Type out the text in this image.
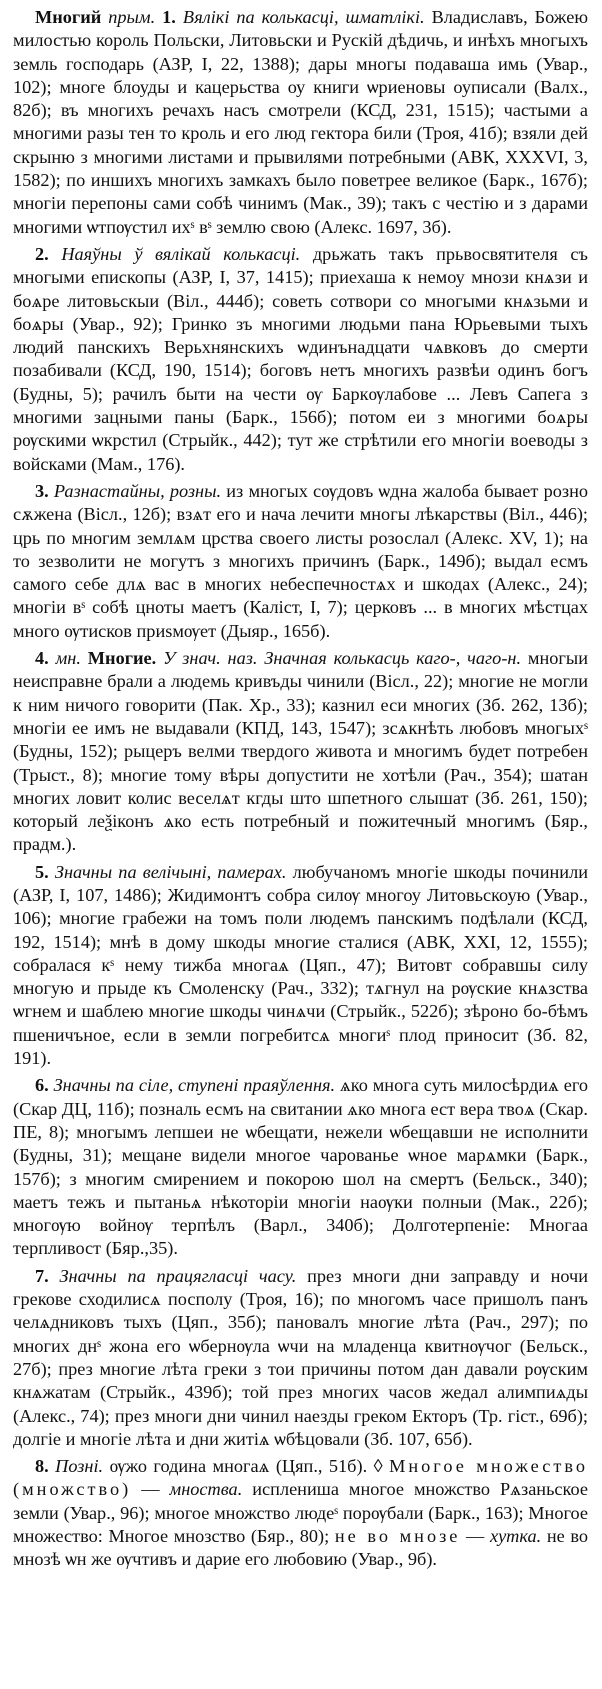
Многий прым. 1. Вялікі па колькасці, шматлікі. Владиславъ, Божею милостью король Польски, Литовьски и Рускій дѣдичь, и инѣхъ многыхъ земль господарь (АЗР, I, 22, 1388); дары многы подаваша имь (Увар., 102); многе блоуды и кацерьства оу книги ѡриеновы оуписали (Валх., 82б); въ многихъ речахъ насъ смотрели (КСД, 231, 1515); частыми а многими разы тен то кроль и его люд гектора били (Троя, 41б); взяли дей скрыню з многими листами и прывилями потребными (АВК, XXXVI, 3, 1582); по иншихъ многихъ замкахъ было поветрее великое (Барк., 167б); многіи перепоны сами собѣ чинимъ (Мак., 39); такъ с честію и з дарами многими ѡтпѹстил ихˢ вˢ землю свою (Алекс. 1697, 3б).

2. Наяўны ў вялікай колькасці. дрьжать такъ прьвосвятителя съ многыми епископы (АЗР, I, 37, 1415); приехаша к немоу мнози кнѧзи и боѧре литовьскыи (Віл., 444б); советь сотвори со многыми кнѧзьми и боѧры (Увар., 92); Гринко зъ многими людьми пана Юрьевыми тыхъ людий панскихъ Верьхнянскихъ ѡдинънадцати чѧвковъ до смерти позабивали (КСД, 190, 1514); боговъ нетъ многихъ развѣи одинъ богъ (Будны, 5); рачилъ быти на чести ѹ Баркѹлабове ... Левъ Сапега з многими зацными паны (Барк., 156б); потом еи з многими боѧры рѹскими ѡкрстил (Стрыйк., 442); тут же стрѣтили его многіи воеводы з войсками (Мам., 176).

3. Разнастайны, розны. из многых сѹдовъ ѡдна жалоба бывает розно сѫжена (Вісл., 12б); взѧт его и нача лечити многы лѣкарствы (Віл., 446); црь по многим землѧм црства своего листы розослал (Алекс. XV, 1); на то зезволити не могутъ з многихъ причинъ (Барк., 149б); выдал есмъ самого себе длѧ вас в многих небеспечностѧх и шкодах (Алекс., 24); многіи вˢ собѣ цноты маетъ (Каліст, I, 7); церковъ ... в многих мѣстцах много ѹтисков приѕмѹет (Дыяр., 165б).

4. мн. Многие. У знач. наз. Значная колькасць каго-, чаго-н. многыи неисправне брали а людемь кривъды чинили (Вісл., 22); многие не могли к ним ничого говорити (Пак. Хр., 33); казнил еси многих (Зб. 262, 13б); многіи ее имъ не выдавали (КПД, 143, 1547); зсѧкнѣть любовъ многыхˢ (Будны, 152); рыцеръ велми твердого живота и многимъ будет потребен (Трыст., 8); многие тому вѣры допустити не хотѣли (Рач., 354); шатан многих ловит колис веселѧт кгды што шпетного слышат (Зб. 261, 150); который леѯіконъ ѧко есть потребный и пожитечный многимъ (Бяр., прадм.).

5. Значны па велічыні, памерах. любучаномъ многіе шкоды починили (АЗР, I, 107, 1486); Жидимонтъ собра силѹ многоу Литовьскоую (Увар., 106); многие грабежи на томъ поли людемъ панскимъ подѣлали (КСД, 192, 1514); мнѣ в дому шкоды многие сталися (АВК, XXI, 12, 1555); собралася кˢ нему тижба многаѧ (Цяп., 47); Витовт собравшы силу многую и прыде къ Смоленску (Рач., 332); тѧгнул на рѹские кнѧзства ѡгнем и шаблею многие шкоды чинѧчи (Стрыйк., 522б); зѣроно бо-бѣмъ пшеничъное, если в земли погребитсѧ многиˢ плод приносит (Зб. 82, 191).

6. Значны па сіле, ступені праяўлення. ѧко многа суть милосѣрдиѧ его (Скар ДЦ, 11б); позналь есмъ на свитании ѧко многа ест вера твоѧ (Скар. ПЕ, 8); многымъ лепшеи не ѡбещати, нежели ѡбещавши не исполнити (Будны, 31); мещане видели многое чарованье ѡное марѧмки (Барк., 157б); з многим смирением и покорою шол на смертъ (Бельск., 340); маетъ тежъ и пытаньѧ нѣкоторіи многіи наѹки полныи (Мак., 22б); многѹю войнѹ терпѣлъ (Варл., 340б); Долготерпеніе: Многаа терпливост (Бяр.,35).

7. Значны па працягласці часу. през многи дни заправду и ночи грекове сходилисѧ посполу (Троя, 16); по многомъ часе пришолъ панъ челѧдниковъ тыхъ (Цяп., 35б); пановалъ многие лѣта (Рач., 297); по многих днˢ жона его ѡбернѹла ѡчи на младенца квитнѹчог (Бельск., 27б); през многие лѣта греки з тои причины потом дан давали рѹским кнѧжатам (Стрыйк., 439б); той през многих часов жедал алимпиѧды (Алекс., 74); през многи дни чинил наезды греком Екторъ (Тр. гіст., 69б); долгіе и многіе лѣта и дни житіѧ ѡбѣцовали (Зб. 107, 65б).

8. Позні. ѹжо година многаѧ (Цяп., 51б). ◊ Многое множество (множство) — мноства. исплениша многое множство Рѧзаньское земли (Увар., 96); многое множство людеˢ порѹбали (Барк., 163); Многое множество: Многое мнозство (Бяр., 80); не во мнозе — хутка. не во мнозѣ ѡн же ѹчтивъ и дарие его любовию (Увар., 9б).
